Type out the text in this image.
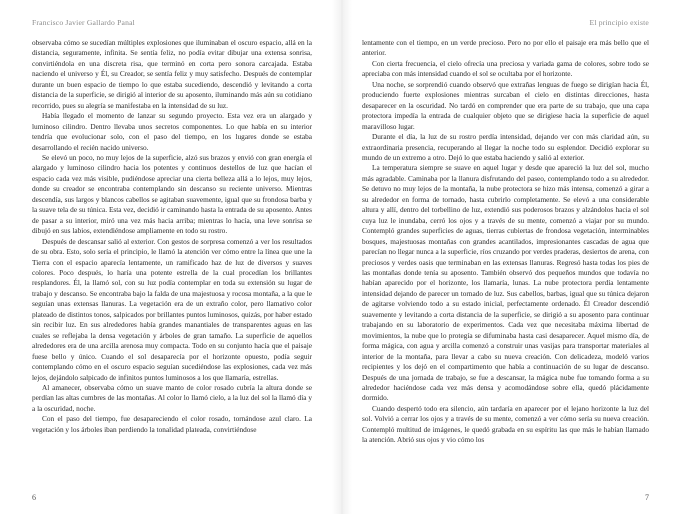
Francisco Javier Gallardo Panal

observaba cómo se sucedían múltiples explosiones que iluminaban el oscuro espacio, allá en la distancia, seguramente, infinita. Se sentía feliz, no podía evitar dibujar una extensa sonrisa, convirtiéndola en una discreta risa, que terminó en corta pero sonora carcajada. Estaba naciendo el universo y Él, su Creador, se sentía feliz y muy satisfecho. Después de contemplar durante un buen espacio de tiempo lo que estaba sucediendo, descendió y levitando a corta distancia de la superficie, se dirigió al interior de su aposento, iluminando más aún su cotidiano recorrido, pues su alegría se manifestaba en la intensidad de su luz.

Había llegado el momento de lanzar su segundo proyecto. Esta vez era un alargado y luminoso cilindro. Dentro llevaba unos secretos componentes. Lo que había en su interior tendría que evolucionar solo, con el paso del tiempo, en los lugares donde se estaba desarrollando el recién nacido universo.

Se elevó un poco, no muy lejos de la superficie, alzó sus brazos y envió con gran energía el alargado y luminoso cilindro hacia los potentes y continuos destellos de luz que hacían el espacio cada vez más visible, pudiéndose apreciar una cierta belleza allá a lo lejos, muy lejos, donde su creador se encontraba contemplando sin descanso su reciente universo. Mientras descendía, sus largos y blancos cabellos se agitaban suavemente, igual que su frondosa barba y la suave tela de su túnica. Esta vez, decidió ir caminando hasta la entrada de su aposento. Antes de pasar a su interior, miró una vez más hacia arriba; mientras lo hacía, una leve sonrisa se dibujó en sus labios, extendiéndose ampliamente en todo su rostro.

Después de descansar salió al exterior. Con gestos de sorpresa comenzó a ver los resultados de su obra. Esto, solo sería el principio, le llamó la atención ver cómo entre la línea que une la Tierra con el espacio aparecía lentamente, un ramificado haz de luz de diversos y suaves colores. Poco después, lo haría una potente estrella de la cual procedían los brillantes resplandores. Él, la llamó sol, con su luz podía contemplar en toda su extensión su lugar de trabajo y descanso. Se encontraba bajo la falda de una majestuosa y rocosa montaña, a la que le seguían unas extensas llanuras. La vegetación era de un extraño color, pero llamativo color plateado de distintos tonos, salpicados por brillantes puntos luminosos, quizás, por haber estado sin recibir luz. En sus alrededores había grandes manantiales de transparentes aguas en las cuales se reflejaba la densa vegetación y árboles de gran tamaño. La superficie de aquellos alrededores era de una arcilla arenosa muy compacta. Todo en su conjunto hacía que el paisaje fuese bello y único. Cuando el sol desaparecía por el horizonte opuesto, podía seguir contemplando cómo en el oscuro espacio seguían sucediéndose las explosiones, cada vez más lejos, dejándolo salpicado de infinitos puntos luminosos a los que llamaría, estrellas.

Al amanecer, observaba cómo un suave manto de color rosado cubría la altura donde se perdían las altas cumbres de las montañas. Al color lo llamó cielo, a la luz del sol la llamó día y a la oscuridad, noche.

Con el paso del tiempo, fue desapareciendo el color rosado, tornándose azul claro. La vegetación y los árboles iban perdiendo la tonalidad plateada, convirtiéndose

6
El principio existe

lentamente con el tiempo, en un verde precioso. Pero no por ello el paisaje era más bello que el anterior.

Con cierta frecuencia, el cielo ofrecía una preciosa y variada gama de colores, sobre todo se apreciaba con más intensidad cuando el sol se ocultaba por el horizonte.

Una noche, se sorprendió cuando observó que extrañas lenguas de fuego se dirigían hacia Él, produciendo fuerte explosiones mientras surcaban el cielo en distintas direcciones, hasta desaparecer en la oscuridad. No tardó en comprender que era parte de su trabajo, que una capa protectora impedía la entrada de cualquier objeto que se dirigiese hacia la superficie de aquel maravilloso lugar.

Durante el día, la luz de su rostro perdía intensidad, dejando ver con más claridad aún, su extraordinaria presencia, recuperando al llegar la noche todo su esplendor. Decidió explorar su mundo de un extremo a otro. Dejó lo que estaba haciendo y salió al exterior.

La temperatura siempre se suave en aquel lugar y desde que apareció la luz del sol, mucho más agradable. Caminaba por la llanura disfrutando del paseo, contemplando todo a su alrededor. Se detuvo no muy lejos de la montaña, la nube protectora se hizo más intensa, comenzó a girar a su alrededor en forma de tornado, hasta cubrirlo completamente. Se elevó a una considerable altura y allí, dentro del torbellino de luz, extendió sus poderosos brazos y alzándolos hacia el sol cuya luz le inundaba, cerró los ojos y a través de su mente, comenzó a viajar por su mundo. Contempló grandes superficies de aguas, tierras cubiertas de frondosa vegetación, interminables bosques, majestuosas montañas con grandes acantilados, impresionantes cascadas de agua que parecían no llegar nunca a la superficie, ríos cruzando por verdes praderas, desiertos de arena, con preciosos y verdes oasis que terminaban en las extensas llanuras. Regresó hasta todas los pies de las montañas donde tenía su aposento. También observó dos pequeños mundos que todavía no habían aparecido por el horizonte, los llamaría, lunas. La nube protectora perdía lentamente intensidad dejando de parecer un tornado de luz. Sus cabellos, barbas, igual que su túnica dejaron de agitarse volviendo todo a su estado inicial, perfectamente ordenado. Él Creador descendió suavemente y levitando a corta distancia de la superficie, se dirigió a su aposento para continuar trabajando en su laboratorio de experimentos. Cada vez que necesitaba máxima libertad de movimientos, la nube que lo protegía se difuminaba hasta casi desaparecer. Aquel mismo día, de forma mágica, con agua y arcilla comenzó a construir unas vasijas para transportar materiales al interior de la montaña, para llevar a cabo su nueva creación. Con delicadeza, modeló varios recipientes y los dejó en el compartimento que había a continuación de su lugar de descanso. Después de una jornada de trabajo, se fue a descansar, la mágica nube fue tomando forma a su alrededor haciéndose cada vez más densa y acomodándose sobre ella, quedó plácidamente dormido.

Cuando despertó todo era silencio, aún tardaría en aparecer por el lejano horizonte la luz del sol. Volvió a cerrar los ojos y a través de su mente, comenzó a ver cómo sería su nueva creación. Contempló multitud de imágenes, le quedó grabada en su espíritu las que más le habían llamado la atención. Abrió sus ojos y vio cómo los

7
